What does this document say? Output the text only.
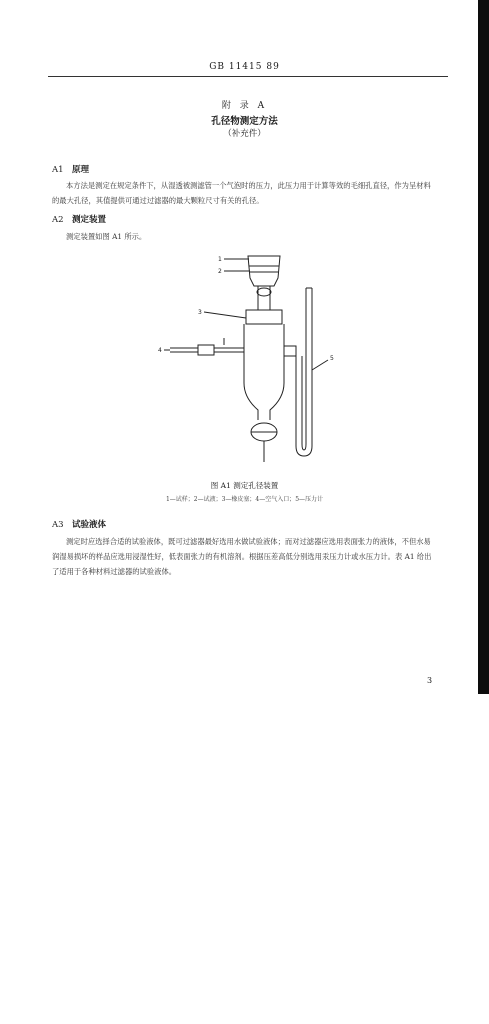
GB 11415 89
附 录 A
孔径物测定方法
（补充件）
A1 原理
本方法是测定在规定条件下，从湿透被测滤管一个气泡时的压力，此压力用于计算等效的毛细孔直径，作为呈材料的最大孔径，其值提供可通过过滤器的最大颗粒尺寸有关的孔径。
A2 测定装置
测定装置如图 A1 所示。
1
2
3
4
5
图 A1 测定孔径装置
1—试样；2—试液；3—橡皮塞；4—空气入口；5—压力计
A3 试验液体
测定时应选择合适的试验液体，既可过滤器最好选用水做试验液体；而对过滤器应选用表面张力的液体，不但水易润湿易损坏的样品应选用浸湿性好，低表面张力的有机溶剂。根据压差高低分别选用汞压力计或水压力计。表 A1 给出了适用于各种材料过滤器的试验液体。
3
